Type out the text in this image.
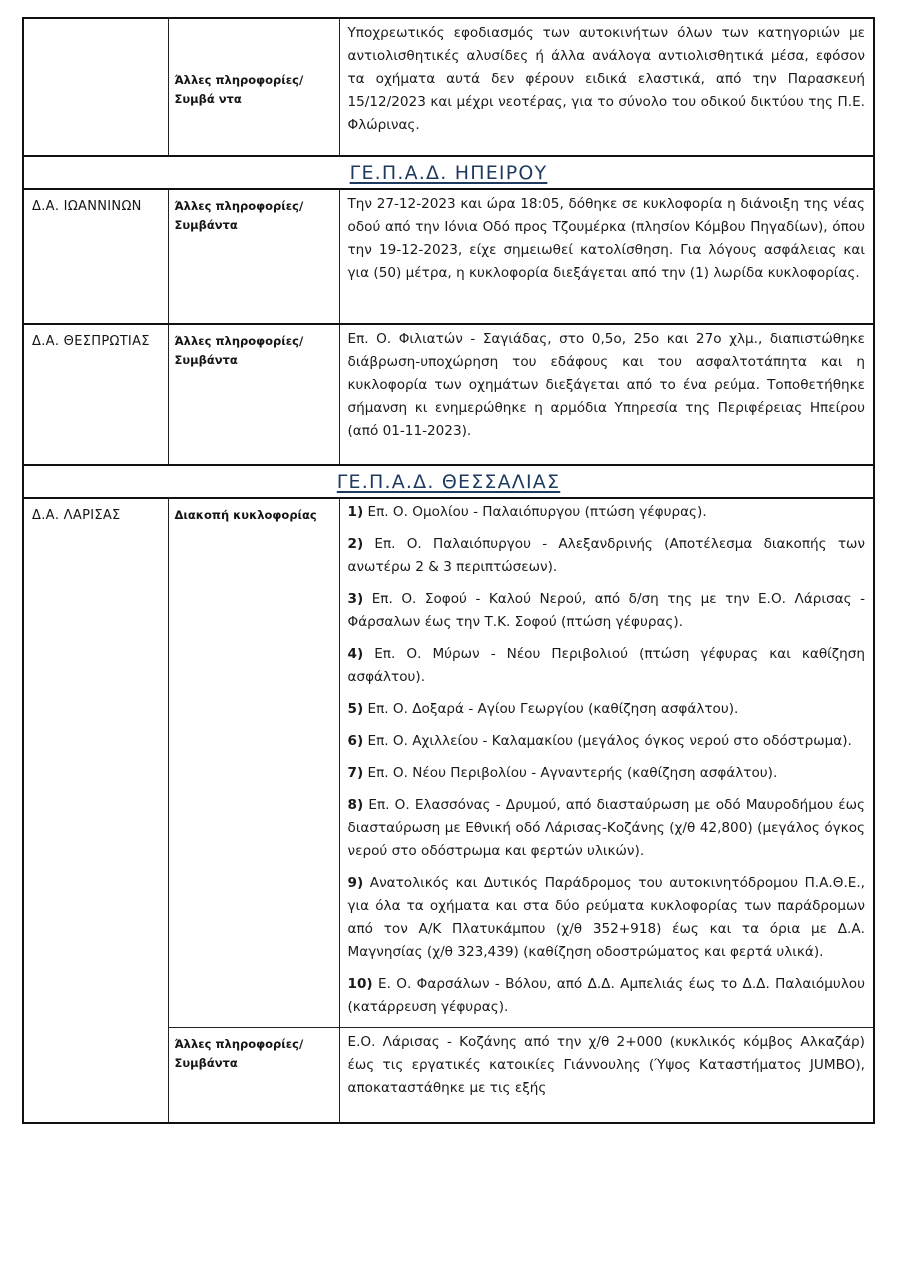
	Άλλες πληροφορίες/Συμβά ντα	Υποχρεωτικός εφοδιασμός των αυτοκινήτων όλων των κατηγοριών με αντιολισθητικές αλυσίδες ή άλλα ανάλογα αντιολισθητικά μέσα, εφόσον τα οχήματα αυτά δεν φέρουν ειδικά ελαστικά, από την Παρασκευή 15/12/2023 και μέχρι νεοτέρας, για το σύνολο του οδικού δικτύου της Π.Ε. Φλώρινας.

ΓΕ.Π.Α.Δ. ΗΠΕΙΡΟΥ		
Δ.Α. ΙΩΑΝΝΙΝΩΝ	Άλλες πληροφορίες/ Συμβάντα	Την 27-12-2023 και ώρα 18:05, δόθηκε σε κυκλοφορία η διάνοιξη της νέας οδού από την Ιόνια Οδό προς Τζουμέρκα (πλησίον Κόμβου Πηγαδίων), όπου την 19-12-2023, είχε σημειωθεί κατολίσθηση. Για λόγους ασφάλειας και για (50) μέτρα, η κυκλοφορία διεξάγεται από την (1) λωρίδα κυκλοφορίας.

Δ.Α. ΘΕΣΠΡΩΤΙΑΣ	Άλλες πληροφορίες/ Συμβάντα	Επ. Ο. Φιλιατών - Σαγιάδας, στο 0,5ο, 25ο και 27ο χλμ., διαπιστώθηκε διάβρωση-υποχώρηση του εδάφους και του ασφαλτοτάπητα και η κυκλοφορία των οχημάτων διεξάγεται από το ένα ρεύμα. Τοποθετήθηκε σήμανση κι ενημερώθηκε η αρμόδια Υπηρεσία της Περιφέρειας Ηπείρου (από 01-11-2023).

ΓΕ.Π.Α.Δ. ΘΕΣΣΑΛΙΑΣ		
Δ.Α. ΛΑΡΙΣΑΣ	Διακοπή κυκλοφορίας	1) Επ. Ο. Ομολίου - Παλαιόπυργου (πτώση γέφυρας).

2) Επ. Ο. Παλαιόπυργου - Αλεξανδρινής (Αποτέλεσμα διακοπής των ανωτέρω 2 & 3 περιπτώσεων).

3) Επ. Ο. Σοφού - Καλού Νερού, από δ/ση της με την Ε.Ο. Λάρισας - Φάρσαλων έως την Τ.Κ. Σοφού (πτώση γέφυρας).

4) Επ. Ο. Μύρων - Νέου Περιβολιού (πτώση γέφυρας και καθίζηση ασφάλτου).

5) Επ. Ο. Δοξαρά - Αγίου Γεωργίου (καθίζηση ασφάλτου).

6) Επ. Ο. Αχιλλείου - Καλαμακίου (μεγάλος όγκος νερού στο οδόστρωμα).

7) Επ. Ο. Νέου Περιβολίου - Αγναντερής (καθίζηση ασφάλτου).

8) Επ. Ο. Ελασσόνας - Δρυμού, από διασταύρωση με οδό Μαυροδήμου έως διασταύρωση με Εθνική οδό Λάρισας-Κοζάνης (χ/θ 42,800) (μεγάλος όγκος νερού στο οδόστρωμα και φερτών υλικών).

9) Ανατολικός και Δυτικός Παράδρομος του αυτοκινητόδρομου Π.Α.Θ.Ε., για όλα τα οχήματα και στα δύο ρεύματα κυκλοφορίας των παράδρομων από τον Α/Κ Πλατυκάμπου (χ/θ 352+918) έως και τα όρια με Δ.Α. Μαγνησίας (χ/θ 323,439) (καθίζηση οδοστρώματος και φερτά υλικά).

10) Ε. Ο. Φαρσάλων - Βόλου, από Δ.Δ. Αμπελιάς έως το Δ.Δ. Παλαιόμυλου (κατάρρευση γέφυρας).

	Άλλες πληροφορίες/ Συμβάντα	Ε.Ο. Λάρισας - Κοζάνης από την χ/θ 2+000 (κυκλικός κόμβος Αλκαζάρ) έως τις εργατικές κατοικίες Γιάννουλης (Ύψος Καταστήματος JUMBO), αποκαταστάθηκε με τις εξής
